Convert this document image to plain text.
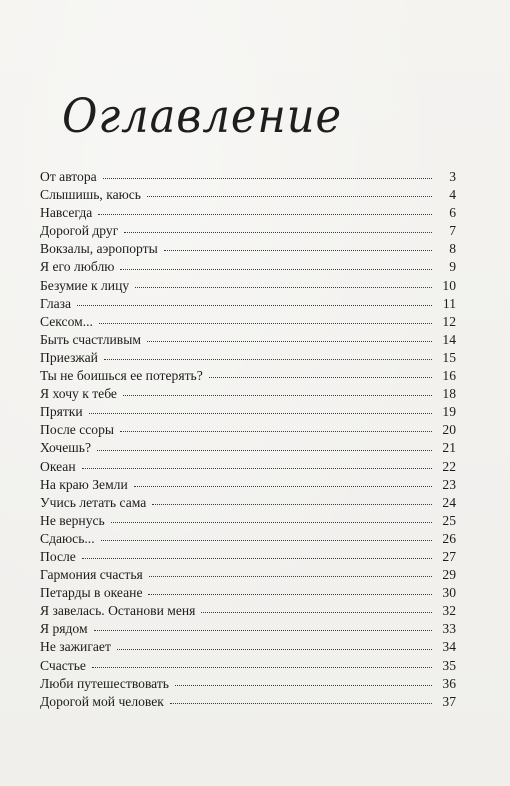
Оглавление
От автора	3
Слышишь, каюсь	4
Навсегда	6
Дорогой друг	7
Вокзалы, аэропорты	8
Я его люблю	9
Безумие к лицу	10
Глаза	11
Сексом...	12
Быть счастливым	14
Приезжай	15
Ты не боишься ее потерять?	16
Я хочу к тебе	18
Прятки	19
После ссоры	20
Хочешь?	21
Океан	22
На краю Земли	23
Учись летать сама	24
Не вернусь	25
Сдаюсь...	26
После	27
Гармония счастья	29
Петарды в океане	30
Я завелась. Останови меня	32
Я рядом	33
Не зажигает	34
Счастье	35
Люби путешествовать	36
Дорогой мой человек	37
